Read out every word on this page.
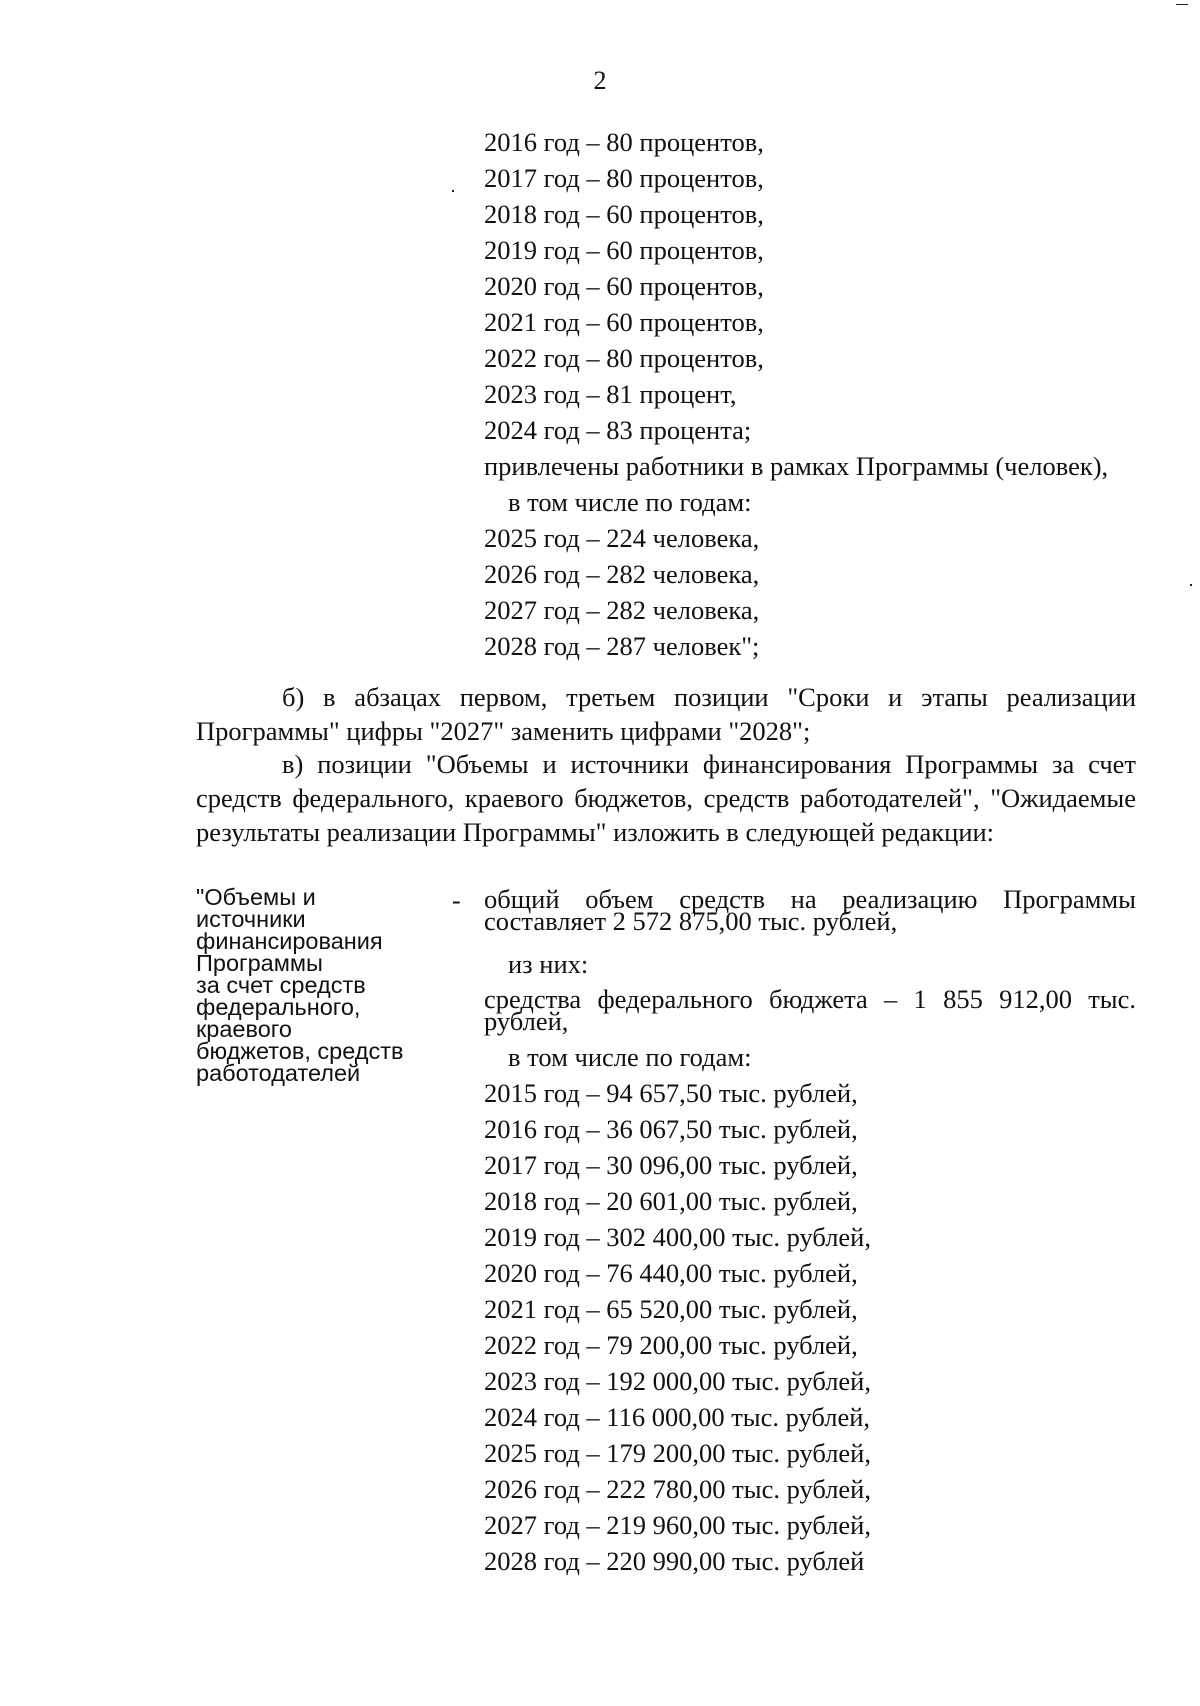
2
2016 год – 80 процентов,
2017 год – 80 процентов,
2018 год – 60 процентов,
2019 год – 60 процентов,
2020 год – 60 процентов,
2021 год – 60 процентов,
2022 год – 80 процентов,
2023 год – 81 процент,
2024 год – 83 процента;
привлечены работники в рамках Программы (человек),
в том числе по годам:
2025 год – 224 человека,
2026 год – 282 человека,
2027 год – 282 человека,
2028 год – 287 человек";
б) в абзацах первом, третьем позиции "Сроки и этапы реализации Программы" цифры "2027" заменить цифрами "2028";
в) позиции "Объемы и источники финансирования Программы за счет средств федерального, краевого бюджетов, средств работодателей", "Ожидаемые результаты реализации Программы" изложить в следующей редакции:
"Объемы и
источники
финансирования
Программы
за счет средств
федерального,
краевого
бюджетов, средств
работодателей
- общий объем средств на реализацию Программы составляет 2 572 875,00 тыс. рублей,
из них:
средства федерального бюджета – 1 855 912,00 тыс. рублей,
в том числе по годам:
2015 год – 94 657,50 тыс. рублей,
2016 год – 36 067,50 тыс. рублей,
2017 год – 30 096,00 тыс. рублей,
2018 год – 20 601,00 тыс. рублей,
2019 год – 302 400,00 тыс. рублей,
2020 год – 76 440,00 тыс. рублей,
2021 год – 65 520,00 тыс. рублей,
2022 год – 79 200,00 тыс. рублей,
2023 год – 192 000,00 тыс. рублей,
2024 год – 116 000,00 тыс. рублей,
2025 год – 179 200,00 тыс. рублей,
2026 год – 222 780,00 тыс. рублей,
2027 год – 219 960,00 тыс. рублей,
2028 год – 220 990,00 тыс. рублей
